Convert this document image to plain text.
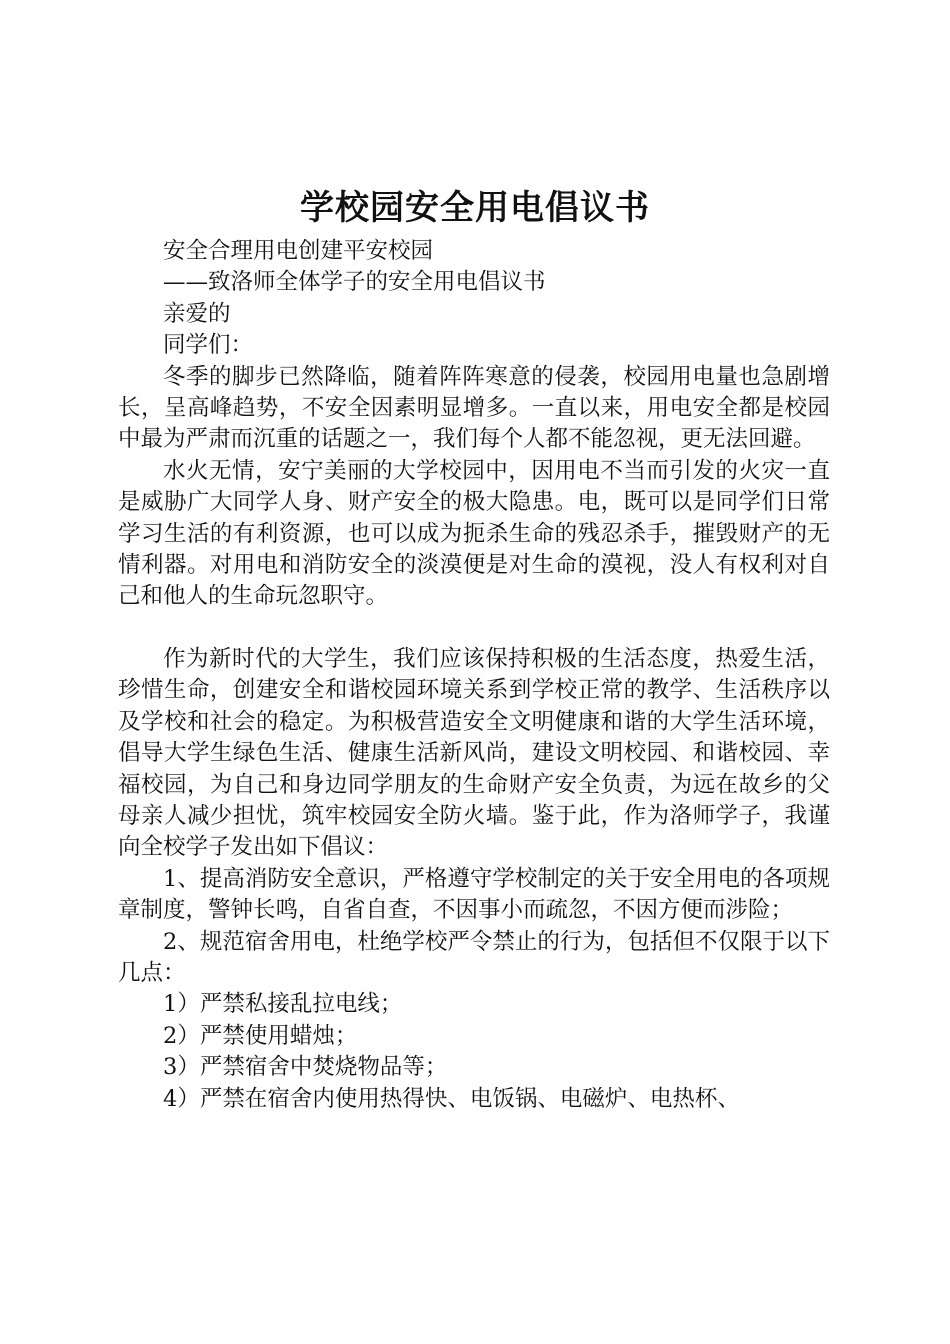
学校园安全用电倡议书

安全合理用电创建平安校园

——致洛师全体学子的安全用电倡议书

亲爱的

同学们：

冬季的脚步已然降临，随着阵阵寒意的侵袭，校园用电量也急剧增长，呈高峰趋势，不安全因素明显增多。一直以来，用电安全都是校园中最为严肃而沉重的话题之一，我们每个人都不能忽视，更无法回避。

水火无情，安宁美丽的大学校园中，因用电不当而引发的火灾一直是威胁广大同学人身、财产安全的极大隐患。电，既可以是同学们日常学习生活的有利资源，也可以成为扼杀生命的残忍杀手，摧毁财产的无情利器。对用电和消防安全的淡漠便是对生命的漠视，没人有权利对自己和他人的生命玩忽职守。

作为新时代的大学生，我们应该保持积极的生活态度，热爱生活，珍惜生命，创建安全和谐校园环境关系到学校正常的教学、生活秩序以及学校和社会的稳定。为积极营造安全文明健康和谐的大学生活环境，倡导大学生绿色生活、健康生活新风尚，建设文明校园、和谐校园、幸福校园，为自己和身边同学朋友的生命财产安全负责，为远在故乡的父母亲人减少担忧，筑牢校园安全防火墙。鉴于此，作为洛师学子，我谨向全校学子发出如下倡议：

1、提高消防安全意识，严格遵守学校制定的关于安全用电的各项规章制度，警钟长鸣，自省自查，不因事小而疏忽，不因方便而涉险；

2、规范宿舍用电，杜绝学校严令禁止的行为，包括但不仅限于以下几点：

1）严禁私接乱拉电线；

2）严禁使用蜡烛；

3）严禁宿舍中焚烧物品等；

4）严禁在宿舍内使用热得快、电饭锅、电磁炉、电热杯、
